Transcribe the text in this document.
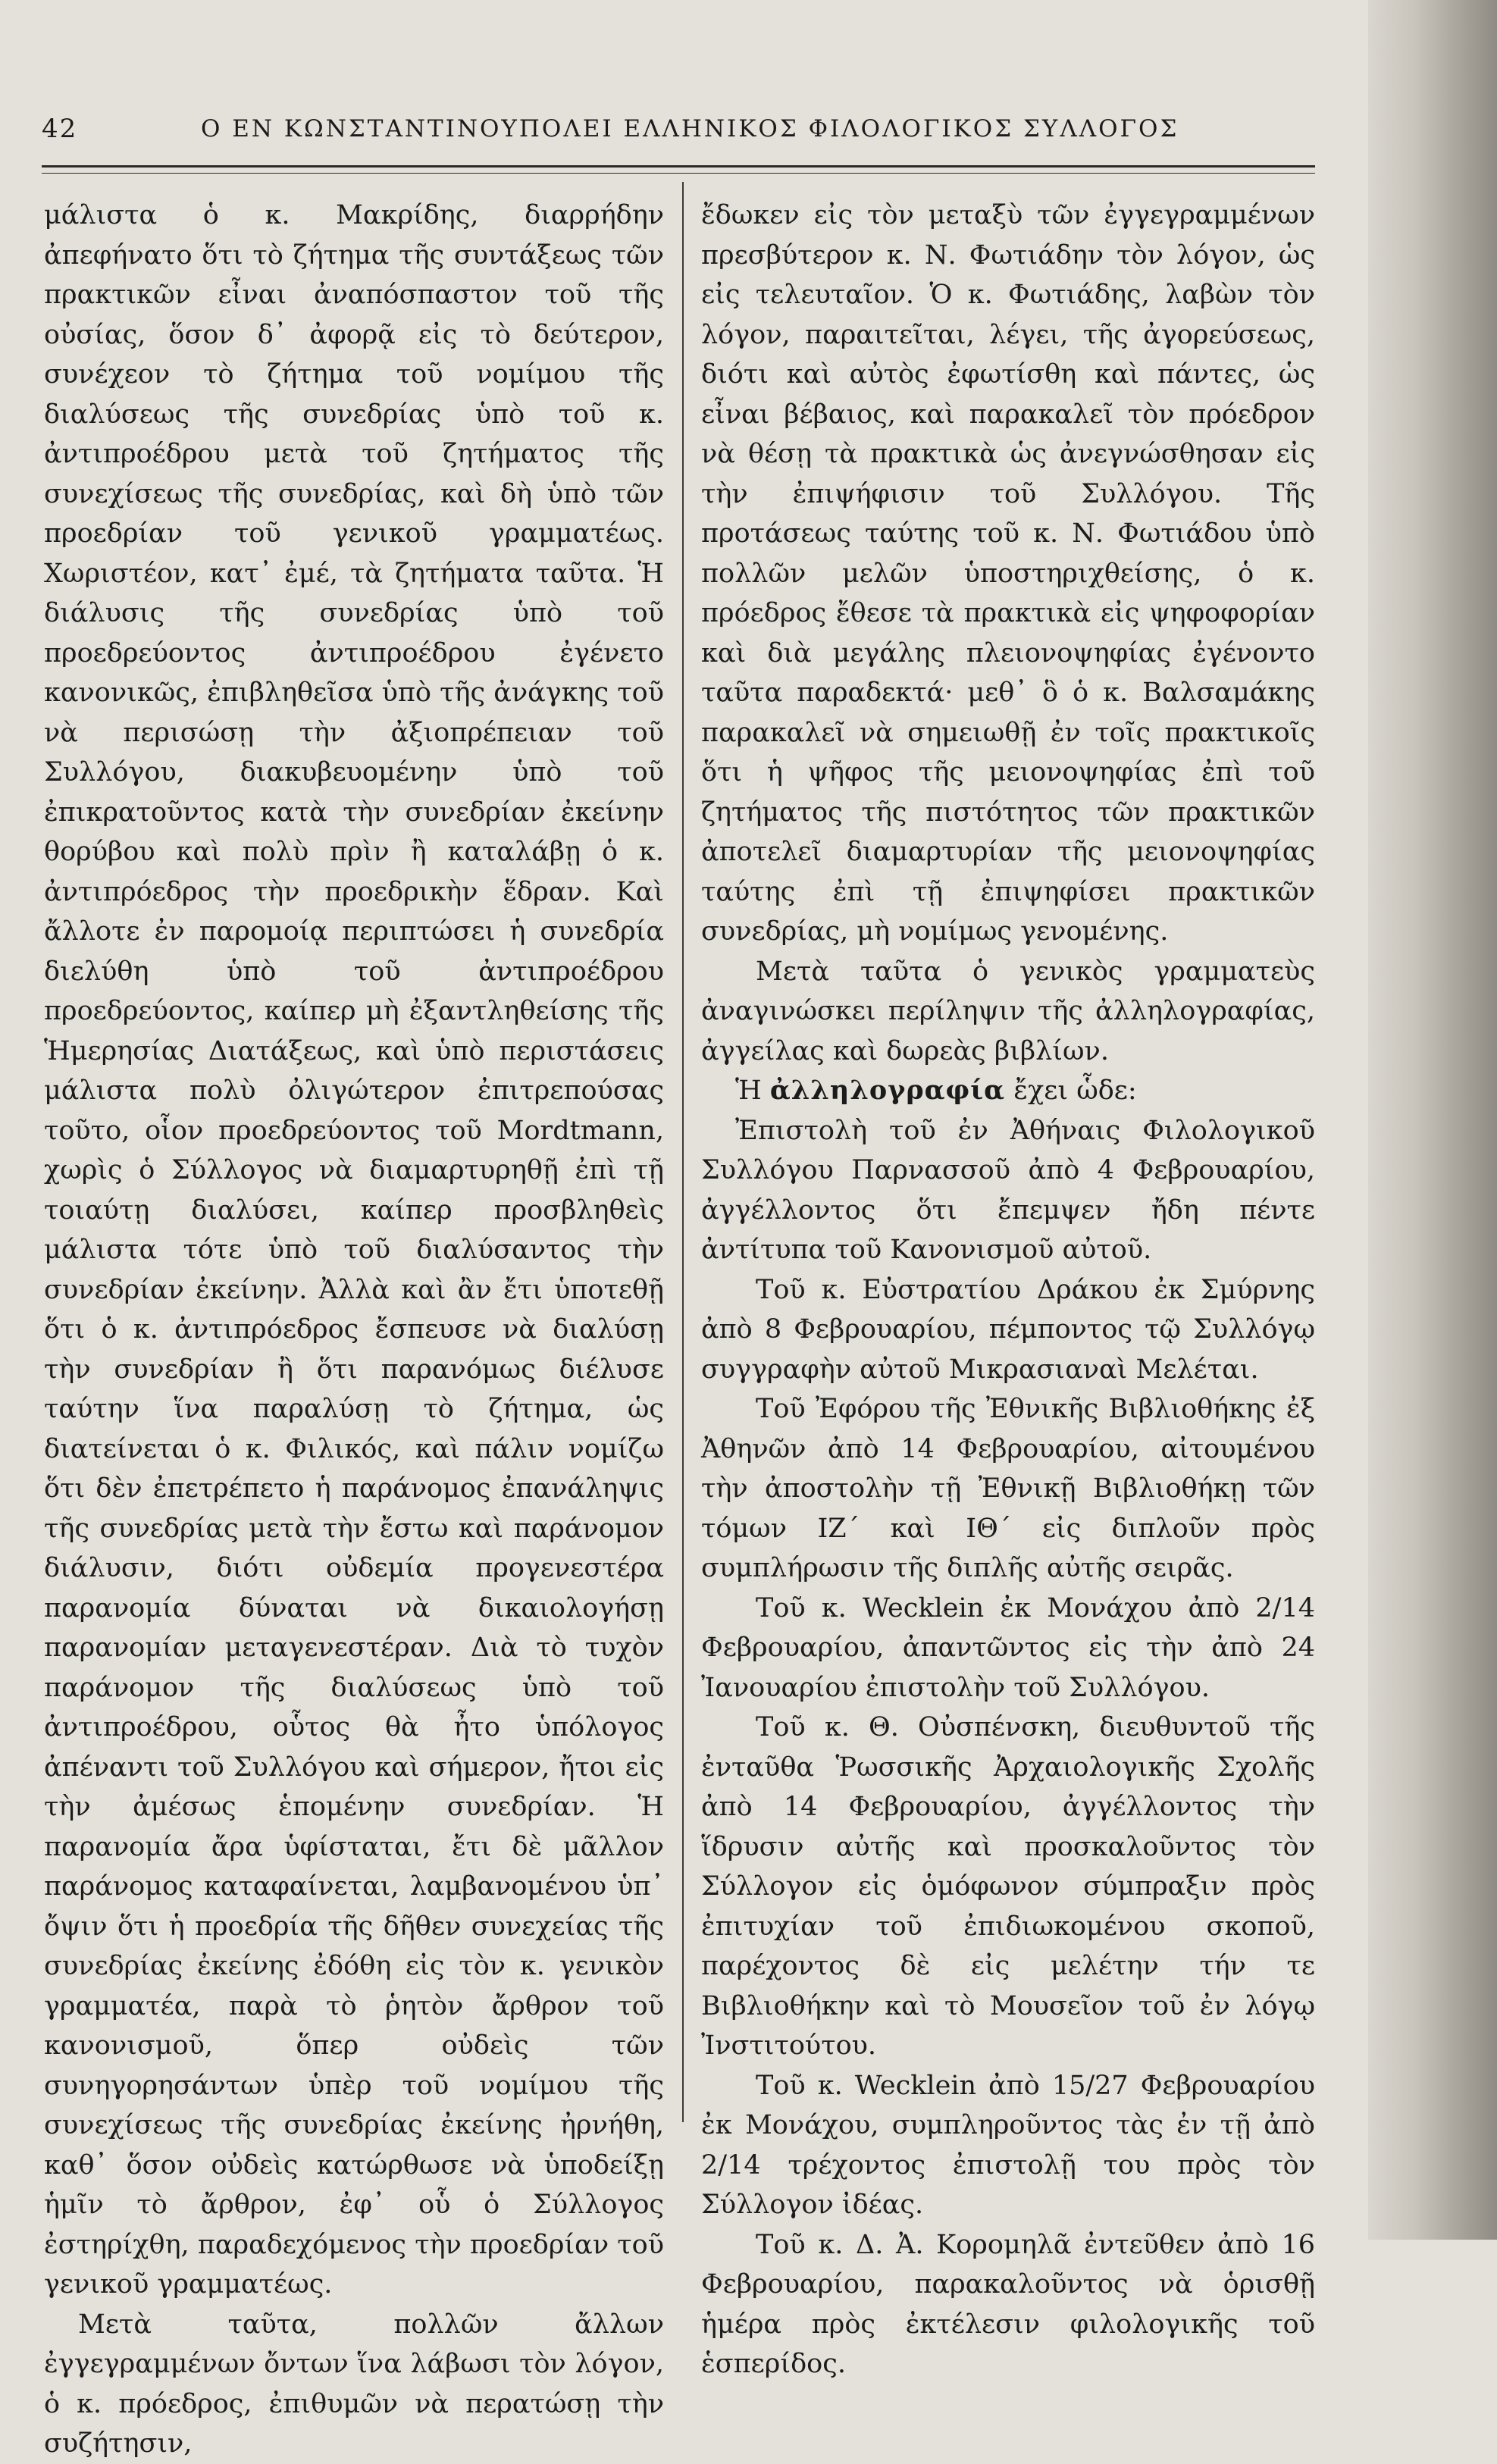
42	Ο ΕΝ ΚΩΝΣΤΑΝΤΙΝΟΥΠΟΛΕΙ ΕΛΛΗΝΙΚΟΣ ΦΙΛΟΛΟΓΙΚΟΣ ΣΥΛΛΟΓΟΣ

μάλιστα ὁ κ. Μακρίδης, διαρρήδην ἀπεφήνατο ὅτι τὸ ζήτημα τῆς συντάξεως τῶν πρακτικῶν εἶναι ἀναπόσπαστον τοῦ τῆς οὐσίας, ὅσον δ᾽ ἀφορᾷ εἰς τὸ δεύτερον, συνέχεον τὸ ζήτημα τοῦ νομίμου τῆς διαλύσεως τῆς συνεδρίας ὑπὸ τοῦ κ. ἀντιπροέδρου μετὰ τοῦ ζητήματος τῆς συνεχίσεως τῆς συνεδρίας, καὶ δὴ ὑπὸ τῶν προεδρίαν τοῦ γενικοῦ γραμματέως. Χωριστέον, κατ᾽ ἐμέ, τὰ ζητήματα ταῦτα. Ἡ διάλυσις τῆς συνεδρίας ὑπὸ τοῦ προεδρεύοντος ἀντιπροέδρου ἐγένετο κανονικῶς, ἐπιβληθεῖσα ὑπὸ τῆς ἀνάγκης τοῦ νὰ περισώσῃ τὴν ἀξιοπρέπειαν τοῦ Συλλόγου, διακυβευομένην ὑπὸ τοῦ ἐπικρατοῦντος κατὰ τὴν συνεδρίαν ἐκείνην θορύβου καὶ πολὺ πρὶν ἢ καταλάβῃ ὁ κ. ἀντιπρόεδρος τὴν προεδρικὴν ἕδραν. Καὶ ἄλλοτε ἐν παρομοίᾳ περιπτώσει ἡ συνεδρία διελύθη ὑπὸ τοῦ ἀντιπροέδρου προεδρεύοντος, καίπερ μὴ ἐξαντληθείσης τῆς Ἡμερησίας Διατάξεως, καὶ ὑπὸ περιστάσεις μάλιστα πολὺ ὀλιγώτερον ἐπιτρεπούσας τοῦτο, οἷον προεδρεύοντος τοῦ Mordtmann, χωρὶς ὁ Σύλλογος νὰ διαμαρτυρηθῇ ἐπὶ τῇ τοιαύτῃ διαλύσει, καίπερ προσβληθεὶς μάλιστα τότε ὑπὸ τοῦ διαλύσαντος τὴν συνεδρίαν ἐκείνην. Ἀλλὰ καὶ ἂν ἔτι ὑποτεθῇ ὅτι ὁ κ. ἀντιπρόεδρος ἔσπευσε νὰ διαλύσῃ τὴν συνεδρίαν ἢ ὅτι παρανόμως διέλυσε ταύτην ἵνα παραλύσῃ τὸ ζήτημα, ὡς διατείνεται ὁ κ. Φιλικός, καὶ πάλιν νομίζω ὅτι δὲν ἐπετρέπετο ἡ παράνομος ἐπανάληψις τῆς συνεδρίας μετὰ τὴν ἔστω καὶ παράνομον διάλυσιν, διότι οὐδεμία προγενεστέρα παρανομία δύναται νὰ δικαιολογήσῃ παρανομίαν μεταγενεστέραν. Διὰ τὸ τυχὸν παράνομον τῆς διαλύσεως ὑπὸ τοῦ ἀντιπροέδρου, οὗτος θὰ ἦτο ὑπόλογος ἀπέναντι τοῦ Συλλόγου καὶ σήμερον, ἤτοι εἰς τὴν ἀμέσως ἑπομένην συνεδρίαν. Ἡ παρανομία ἄρα ὑφίσταται, ἔτι δὲ μᾶλλον παράνομος καταφαίνεται, λαμβανομένου ὑπ᾽ ὄψιν ὅτι ἡ προεδρία τῆς δῆθεν συνεχείας τῆς συνεδρίας ἐκείνης ἐδόθη εἰς τὸν κ. γενικὸν γραμματέα, παρὰ τὸ ῥητὸν ἄρθρον τοῦ κανονισμοῦ, ὅπερ οὐδεὶς τῶν συνηγορησάντων ὑπὲρ τοῦ νομίμου τῆς συνεχίσεως τῆς συνεδρίας ἐκείνης ἠρνήθη, καθ᾽ ὅσον οὐδεὶς κατώρθωσε νὰ ὑποδείξῃ ἡμῖν τὸ ἄρθρον, ἐφ᾽ οὗ ὁ Σύλλογος ἐστηρίχθη, παραδεχόμενος τὴν προεδρίαν τοῦ γενικοῦ γραμματέως.

Μετὰ ταῦτα, πολλῶν ἄλλων ἐγγεγραμμένων ὄντων ἵνα λάβωσι τὸν λόγον, ὁ κ. πρόεδρος, ἐπιθυμῶν νὰ περατώσῃ τὴν συζήτησιν,

ἔδωκεν εἰς τὸν μεταξὺ τῶν ἐγγεγραμμένων πρεσβύτερον κ. Ν. Φωτιάδην τὸν λόγον, ὡς εἰς τελευταῖον. Ὁ κ. Φωτιάδης, λαβὼν τὸν λόγον, παραιτεῖται, λέγει, τῆς ἀγορεύσεως, διότι καὶ αὐτὸς ἐφωτίσθη καὶ πάντες, ὡς εἶναι βέβαιος, καὶ παρακαλεῖ τὸν πρόεδρον νὰ θέσῃ τὰ πρακτικὰ ὡς ἀνεγνώσθησαν εἰς τὴν ἐπιψήφισιν τοῦ Συλλόγου. Τῆς προτάσεως ταύτης τοῦ κ. Ν. Φωτιάδου ὑπὸ πολλῶν μελῶν ὑποστηριχθείσης, ὁ κ. πρόεδρος ἔθεσε τὰ πρακτικὰ εἰς ψηφοφορίαν καὶ διὰ μεγάλης πλειονοψηφίας ἐγένοντο ταῦτα παραδεκτά· μεθ᾽ ὃ ὁ κ. Βαλσαμάκης παρακαλεῖ νὰ σημειωθῇ ἐν τοῖς πρακτικοῖς ὅτι ἡ ψῆφος τῆς μειονοψηφίας ἐπὶ τοῦ ζητήματος τῆς πιστότητος τῶν πρακτικῶν ἀποτελεῖ διαμαρτυρίαν τῆς μειονοψηφίας ταύτης ἐπὶ τῇ ἐπιψηφίσει πρακτικῶν συνεδρίας, μὴ νομίμως γενομένης.

Μετὰ ταῦτα ὁ γενικὸς γραμματεὺς ἀναγινώσκει περίληψιν τῆς ἀλληλογραφίας, ἀγγείλας καὶ δωρεὰς βιβλίων.

Ἡ ἀλληλογραφία ἔχει ὧδε:

Ἐπιστολὴ τοῦ ἐν Ἀθήναις Φιλολογικοῦ Συλλόγου Παρνασσοῦ ἀπὸ 4 Φεβρουαρίου, ἀγγέλλοντος ὅτι ἔπεμψεν ἤδη πέντε ἀντίτυπα τοῦ Κανονισμοῦ αὐτοῦ.

Τοῦ κ. Εὐστρατίου Δράκου ἐκ Σμύρνης ἀπὸ 8 Φεβρουαρίου, πέμποντος τῷ Συλλόγῳ συγγραφὴν αὐτοῦ Μικρασιαναὶ Μελέται.

Τοῦ Ἐφόρου τῆς Ἐθνικῆς Βιβλιοθήκης ἐξ Ἀθηνῶν ἀπὸ 14 Φεβρουαρίου, αἰτουμένου τὴν ἀποστολὴν τῇ Ἐθνικῇ Βιβλιοθήκῃ τῶν τόμων ΙΖ´ καὶ ΙΘ´ εἰς διπλοῦν πρὸς συμπλήρωσιν τῆς διπλῆς αὐτῆς σειρᾶς.

Τοῦ κ. Wecklein ἐκ Μονάχου ἀπὸ 2/14 Φεβρουαρίου, ἀπαντῶντος εἰς τὴν ἀπὸ 24 Ἰανουαρίου ἐπιστολὴν τοῦ Συλλόγου.

Τοῦ κ. Θ. Οὐσπένσκη, διευθυντοῦ τῆς ἐνταῦθα Ῥωσσικῆς Ἀρχαιολογικῆς Σχολῆς ἀπὸ 14 Φεβρουαρίου, ἀγγέλλοντος τὴν ἵδρυσιν αὐτῆς καὶ προσκαλοῦντος τὸν Σύλλογον εἰς ὁμόφωνον σύμπραξιν πρὸς ἐπιτυχίαν τοῦ ἐπιδιωκομένου σκοποῦ, παρέχοντος δὲ εἰς μελέτην τήν τε Βιβλιοθήκην καὶ τὸ Μουσεῖον τοῦ ἐν λόγῳ Ἰνστιτούτου.

Τοῦ κ. Wecklein ἀπὸ 15/27 Φεβρουαρίου ἐκ Μονάχου, συμπληροῦντος τὰς ἐν τῇ ἀπὸ 2/14 τρέχοντος ἐπιστολῇ του πρὸς τὸν Σύλλογον ἰδέας.

Τοῦ κ. Δ. Ἀ. Κορομηλᾶ ἐντεῦθεν ἀπὸ 16 Φεβρουαρίου, παρακαλοῦντος νὰ ὁρισθῇ ἡμέρα πρὸς ἐκτέλεσιν φιλολογικῆς τοῦ ἑσπερίδος.
